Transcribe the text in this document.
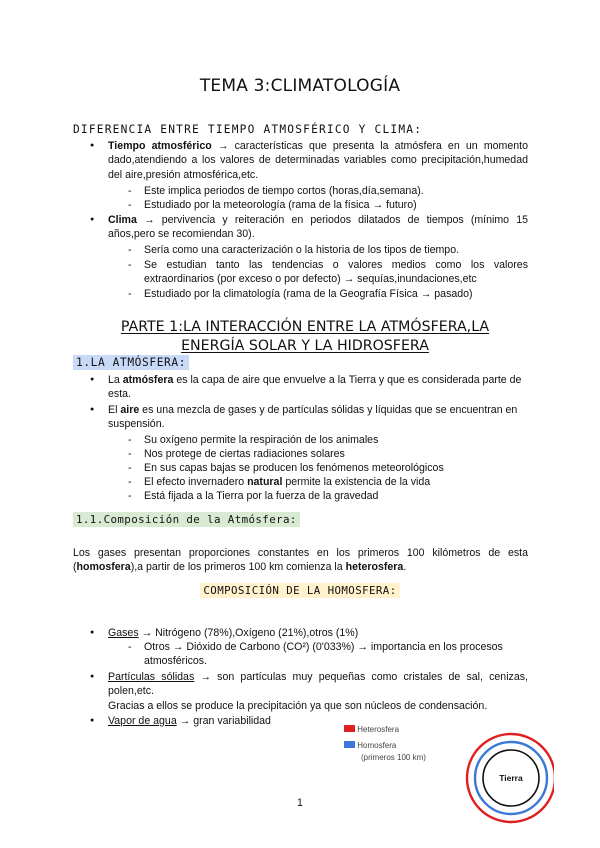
TEMA 3:CLIMATOLOGÍA
DIFERENCIA ENTRE TIEMPO ATMOSFÉRICO Y CLIMA:
Tiempo atmosférico → características que presenta la atmósfera en un momento dado,atendiendo a los valores de determinadas variables como precipitación,humedad del aire,presión atmosférica,etc.
Este implica periodos de tiempo cortos (horas,día,semana).
Estudiado por la meteorología (rama de la física → futuro)
Clima → pervivencia y reiteración en periodos dilatados de tiempos (mínimo 15 años,pero se recomiendan 30).
Sería como una caracterización o la historia de los tipos de tiempo.
Se estudian tanto las tendencias o valores medios como los valores extraordinarios (por exceso o por defecto) → sequías,inundaciones,etc
Estudiado por la climatología (rama de la Geografía Física → pasado)
PARTE 1:LA INTERACCIÓN ENTRE LA ATMÓSFERA,LA ENERGÍA SOLAR Y LA HIDROSFERA
1.LA ATMÓSFERA:
La atmósfera es la capa de aire que envuelve a la Tierra y que es considerada parte de esta.
El aire es una mezcla de gases y de partículas sólidas y líquidas que se encuentran en suspensión.
Su oxígeno permite la respiración de los animales
Nos protege de ciertas radiaciones solares
En sus capas bajas se producen los fenómenos meteorológicos
El efecto invernadero natural permite la existencia de la vida
Está fijada a la Tierra por la fuerza de la gravedad
1.1.Composición de la Atmósfera:
Los gases presentan proporciones constantes en los primeros 100 kilómetros de esta (homosfera),a partir de los primeros 100 km comienza la heterosfera.
COMPOSICIÓN DE LA HOMOSFERA:
Gases → Nitrógeno (78%),Oxígeno (21%),otros (1%)
Otros → Dióxido de Carbono (CO²) (0'033%) → importancia en los procesos atmosféricos.
Partículas sólidas → son partículas muy pequeñas como cristales de sal, cenizas, polen,etc.
Gracias a ellos se produce la precipitación ya que son núcleos de condensación.
Vapor de agua → gran variabilidad
Heterosfera
Homosfera
(primeros 100 km)
Tierra
1
